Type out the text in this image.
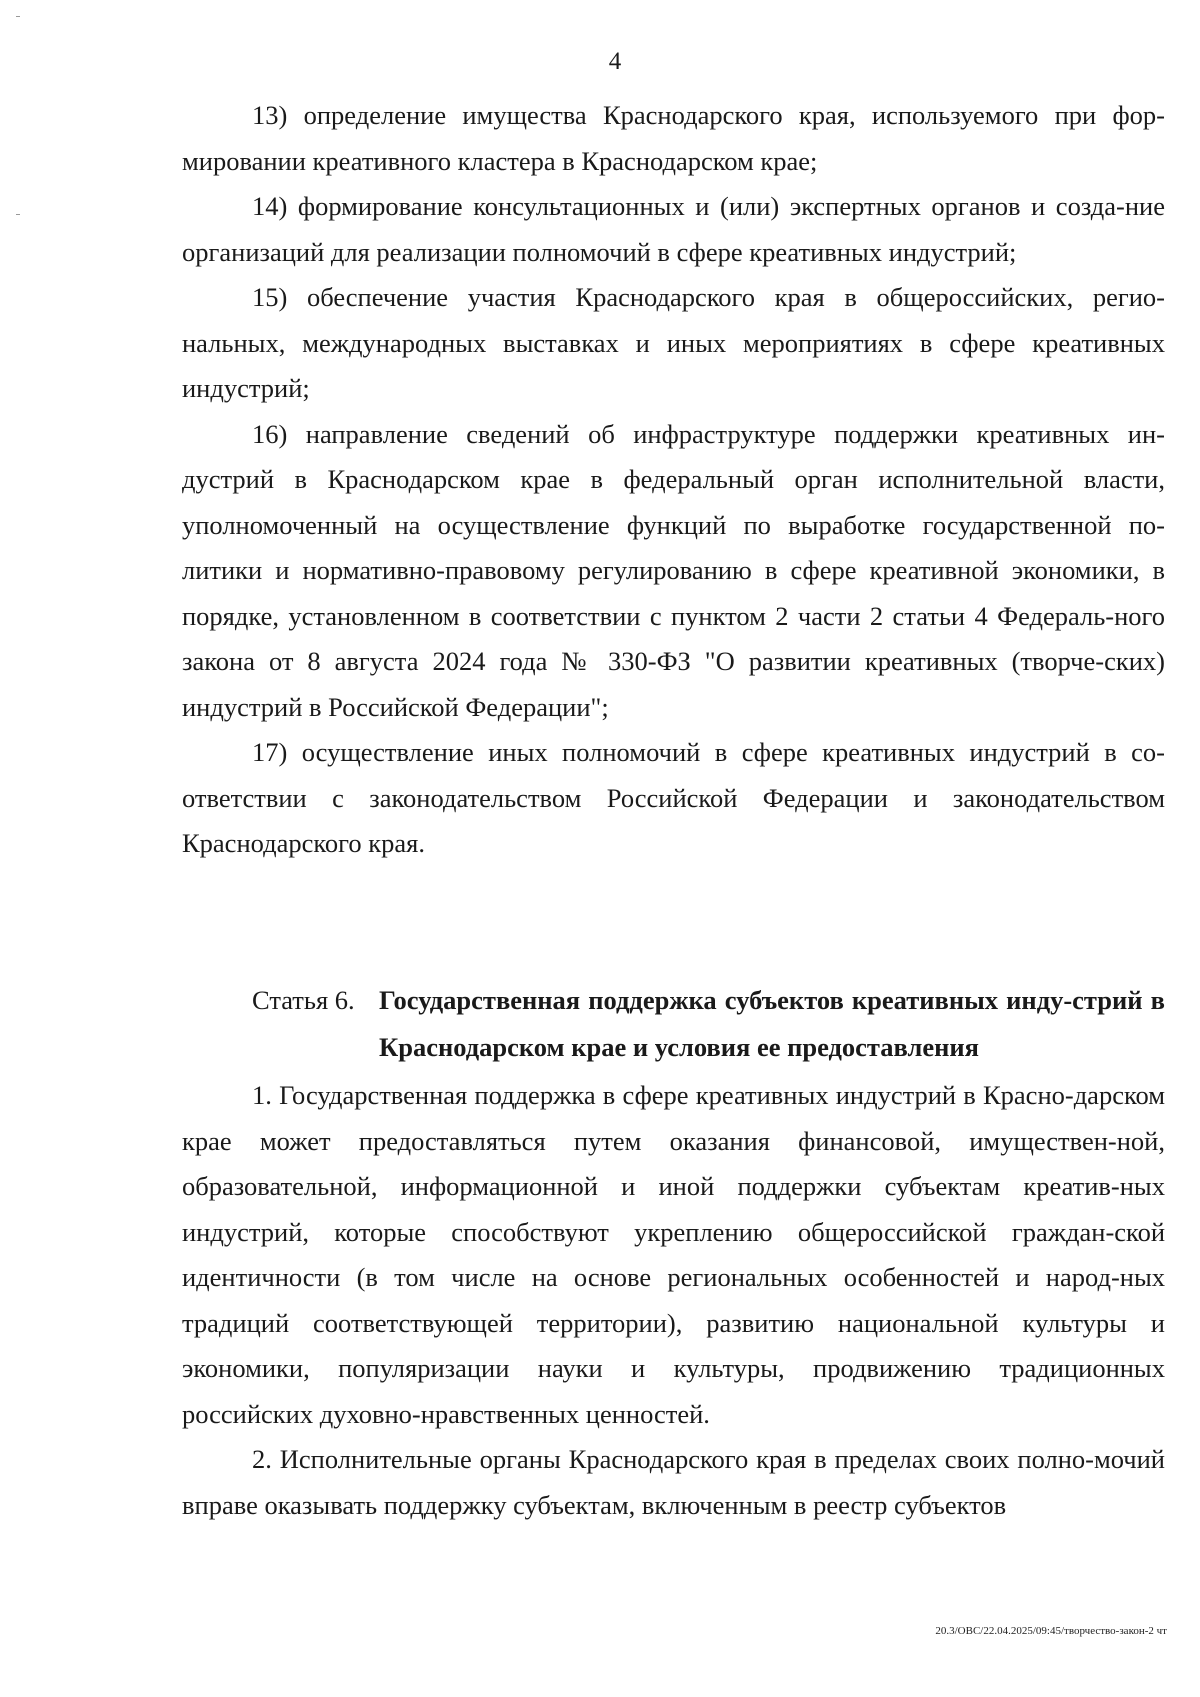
4

13) определение имущества Краснодарского края, используемого при фор-мировании креативного кластера в Краснодарском крае;

14) формирование консультационных и (или) экспертных органов и созда-ние организаций для реализации полномочий в сфере креативных индустрий;

15) обеспечение участия Краснодарского края в общероссийских, регио-нальных, международных выставках и иных мероприятиях в сфере креативных индустрий;

16) направление сведений об инфраструктуре поддержки креативных ин-дустрий в Краснодарском крае в федеральный орган исполнительной власти, уполномоченный на осуществление функций по выработке государственной по-литики и нормативно-правовому регулированию в сфере креативной экономики, в порядке, установленном в соответствии с пунктом 2 части 2 статьи 4 Федераль-ного закона от 8 августа 2024 года № 330-ФЗ "О развитии креативных (творче-ских) индустрий в Российской Федерации";

17) осуществление иных полномочий в сфере креативных индустрий в со-ответствии с законодательством Российской Федерации и законодательством Краснодарского края.

Статья 6. Государственная поддержка субъектов креативных инду-стрий в Краснодарском крае и условия ее предоставления

1. Государственная поддержка в сфере креативных индустрий в Красно-дарском крае может предоставляться путем оказания финансовой, имуществен-ной, образовательной, информационной и иной поддержки субъектам креатив-ных индустрий, которые способствуют укреплению общероссийской граждан-ской идентичности (в том числе на основе региональных особенностей и народ-ных традиций соответствующей территории), развитию национальной культуры и экономики, популяризации науки и культуры, продвижению традиционных российских духовно-нравственных ценностей.

2. Исполнительные органы Краснодарского края в пределах своих полно-мочий вправе оказывать поддержку субъектам, включенным в реестр субъектов

20.3/ОВС/22.04.2025/09:45/творчество-закон-2 чт
